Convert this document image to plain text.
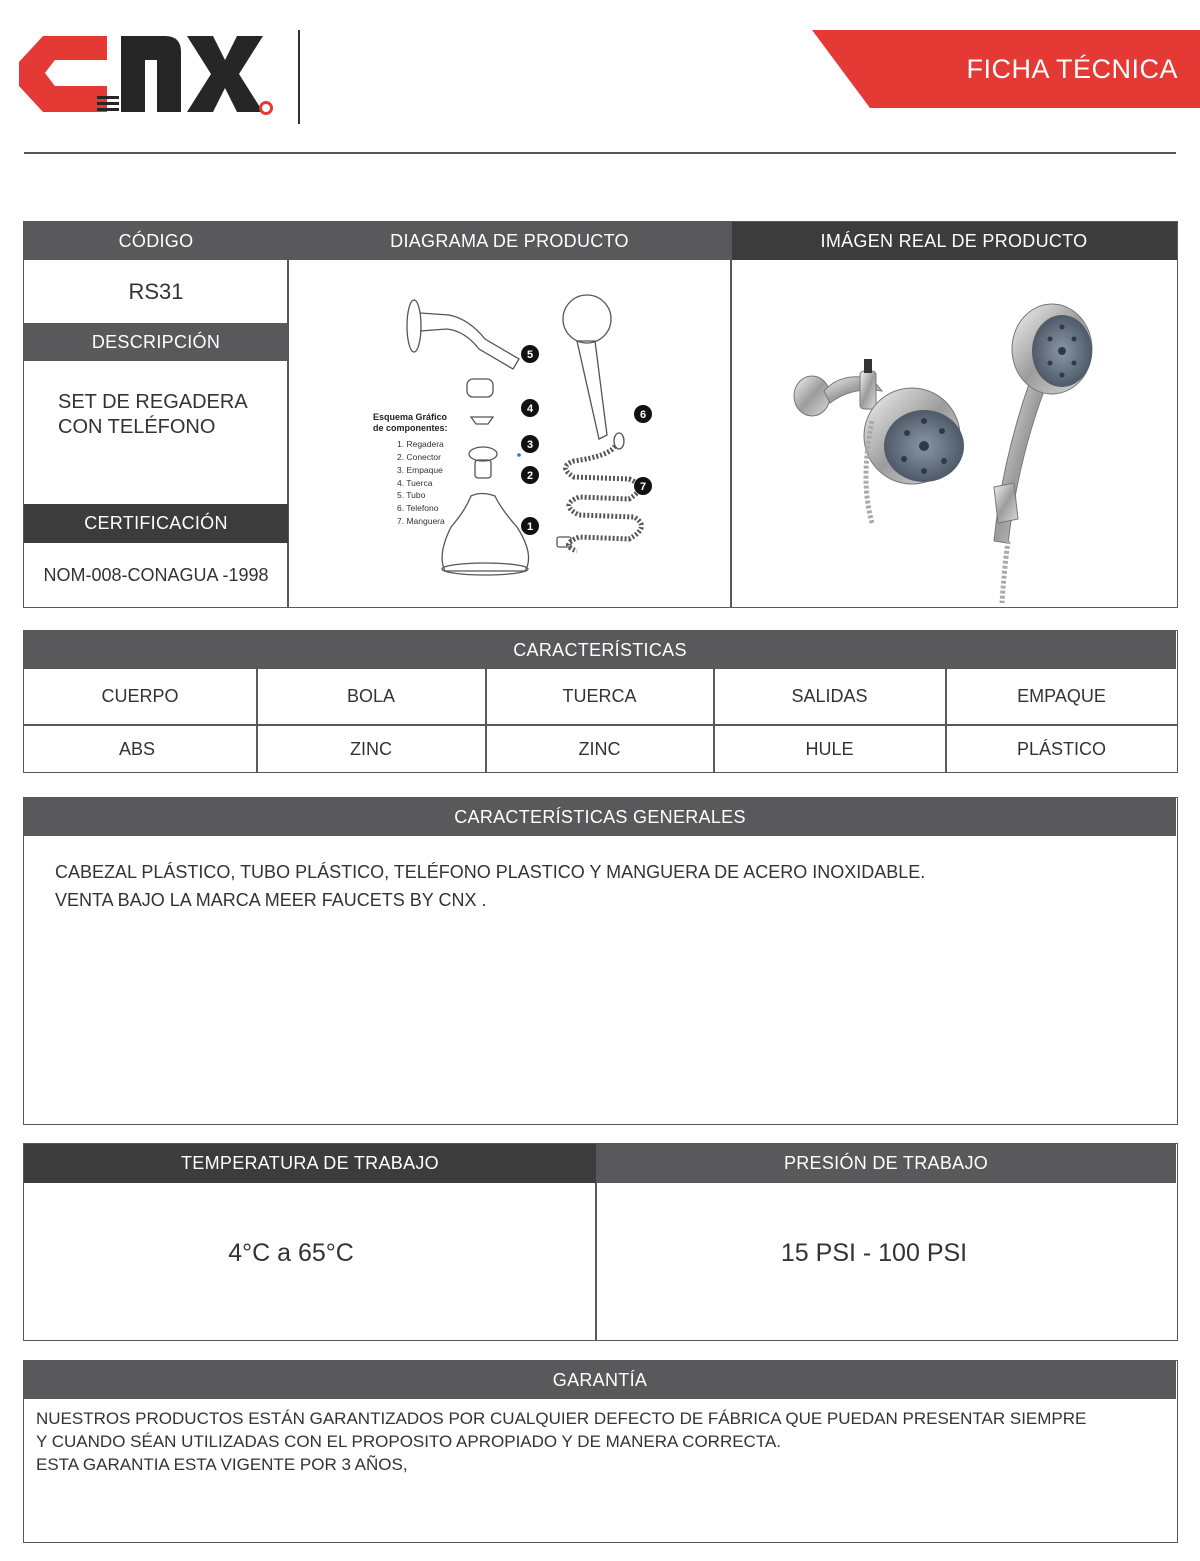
FICHA TÉCNICA
CÓDIGO	DIAGRAMA DE PRODUCTO	IMÁGEN REAL DE PRODUCTO
RS31
DESCRIPCIÓN
SET DE REGADERA
CON TELÉFONO
CERTIFICACIÓN
NOM-008-CONAGUA -1998
Esquema Gráfico
de componentes:
1. Regadera
2. Conector
3. Empaque
4. Tuerca
5. Tubo
6. Telefono
7. Manguera	1
2
3
4
5
6
7
CARACTERÍSTICAS
CUERPO	BOLA	TUERCA	SALIDAS	EMPAQUE
ABS	ZINC	ZINC	HULE	PLÁSTICO
CARACTERÍSTICAS GENERALES
CABEZAL PLÁSTICO, TUBO PLÁSTICO, TELÉFONO PLASTICO Y MANGUERA DE ACERO INOXIDABLE.
VENTA BAJO LA MARCA MEER FAUCETS BY CNX .
TEMPERATURA DE TRABAJO	PRESIÓN DE TRABAJO
4°C a 65°C	15 PSI - 100 PSI
GARANTÍA
NUESTROS PRODUCTOS ESTÁN GARANTIZADOS POR CUALQUIER DEFECTO DE FÁBRICA QUE PUEDAN PRESENTAR SIEMPRE
Y CUANDO SÉAN UTILIZADAS CON EL PROPOSITO APROPIADO Y DE MANERA CORRECTA.
ESTA GARANTIA ESTA VIGENTE POR 3 AÑOS,
